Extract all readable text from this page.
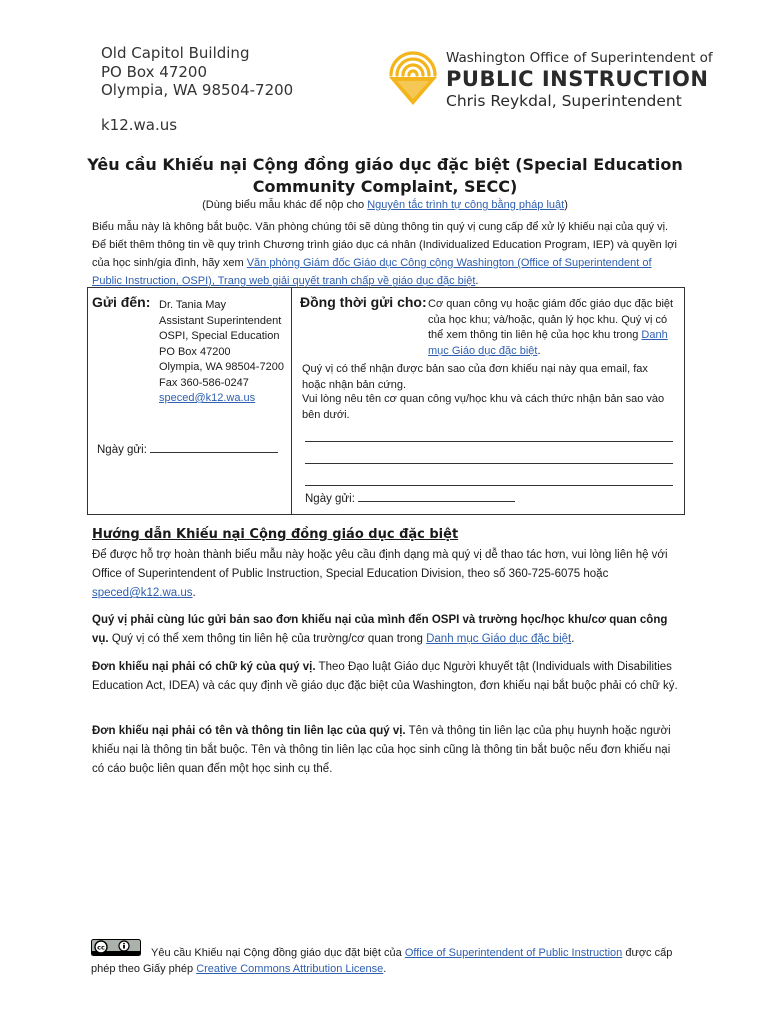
Old Capitol Building
PO Box 47200
Olympia, WA 98504-7200
k12.wa.us
Washington Office of Superintendent of
PUBLIC INSTRUCTION
Chris Reykdal, Superintendent
Yêu cầu Khiếu nại Cộng đồng giáo dục đặc biệt (Special Education
Community Complaint, SECC)
(Dùng biểu mẫu khác để nộp cho Nguyên tắc trình tự công bằng pháp luật)
Biểu mẫu này là không bắt buộc. Văn phòng chúng tôi sẽ dùng thông tin quý vị cung cấp để xử lý khiếu nại của quý vị. Để biết thêm thông tin về quy trình Chương trình giáo dục cá nhân (Individualized Education Program, IEP) và quyền lợi của học sinh/gia đình, hãy xem Văn phòng Giám đốc Giáo dục Công cộng Washington (Office of Superintendent of Public Instruction, OSPI), Trang web giải quyết tranh chấp về giáo dục đặc biệt.
Gửi đến: Dr. Tania May
Assistant Superintendent
OSPI, Special Education
PO Box 47200
Olympia, WA 98504-7200
Fax 360-586-0247
speced@k12.wa.us
Ngày gửi:
Đồng thời gửi cho: Cơ quan công vụ hoặc giám đốc giáo dục đặc biệt của học khu; và/hoặc, quản lý học khu. Quý vị có thể xem thông tin liên hệ của học khu trong Danh mục Giáo dục đặc biệt.
Quý vị có thể nhận được bản sao của đơn khiếu nại này qua email, fax hoặc nhận bản cứng.
Vui lòng nêu tên cơ quan công vụ/học khu và cách thức nhận bản sao vào bên dưới.
Ngày gửi:
Hướng dẫn Khiếu nại Cộng đồng giáo dục đặc biệt
Để được hỗ trợ hoàn thành biểu mẫu này hoặc yêu cầu định dạng mà quý vị dễ thao tác hơn, vui lòng liên hệ với Office of Superintendent of Public Instruction, Special Education Division, theo số 360-725-6075 hoặc speced@k12.wa.us.
Quý vị phải cùng lúc gửi bản sao đơn khiếu nại của mình đến OSPI và trường học/học khu/cơ quan công vụ. Quý vị có thể xem thông tin liên hệ của trường/cơ quan trong Danh mục Giáo dục đặc biệt.
Đơn khiếu nại phải có chữ ký của quý vị. Theo Đạo luật Giáo dục Người khuyết tật (Individuals with Disabilities Education Act, IDEA) và các quy định về giáo dục đặc biệt của Washington, đơn khiếu nại bắt buộc phải có chữ ký.
Đơn khiếu nại phải có tên và thông tin liên lạc của quý vị. Tên và thông tin liên lạc của phụ huynh hoặc người khiếu nại là thông tin bắt buộc. Tên và thông tin liên lạc của học sinh cũng là thông tin bắt buộc nếu đơn khiếu nại có cáo buộc liên quan đến một học sinh cụ thể.
cc	Yêu cầu Khiếu nại Cộng đồng giáo dục đặt biệt của Office of Superintendent of Public Instruction được cấp phép theo Giấy phép Creative Commons Attribution License.
